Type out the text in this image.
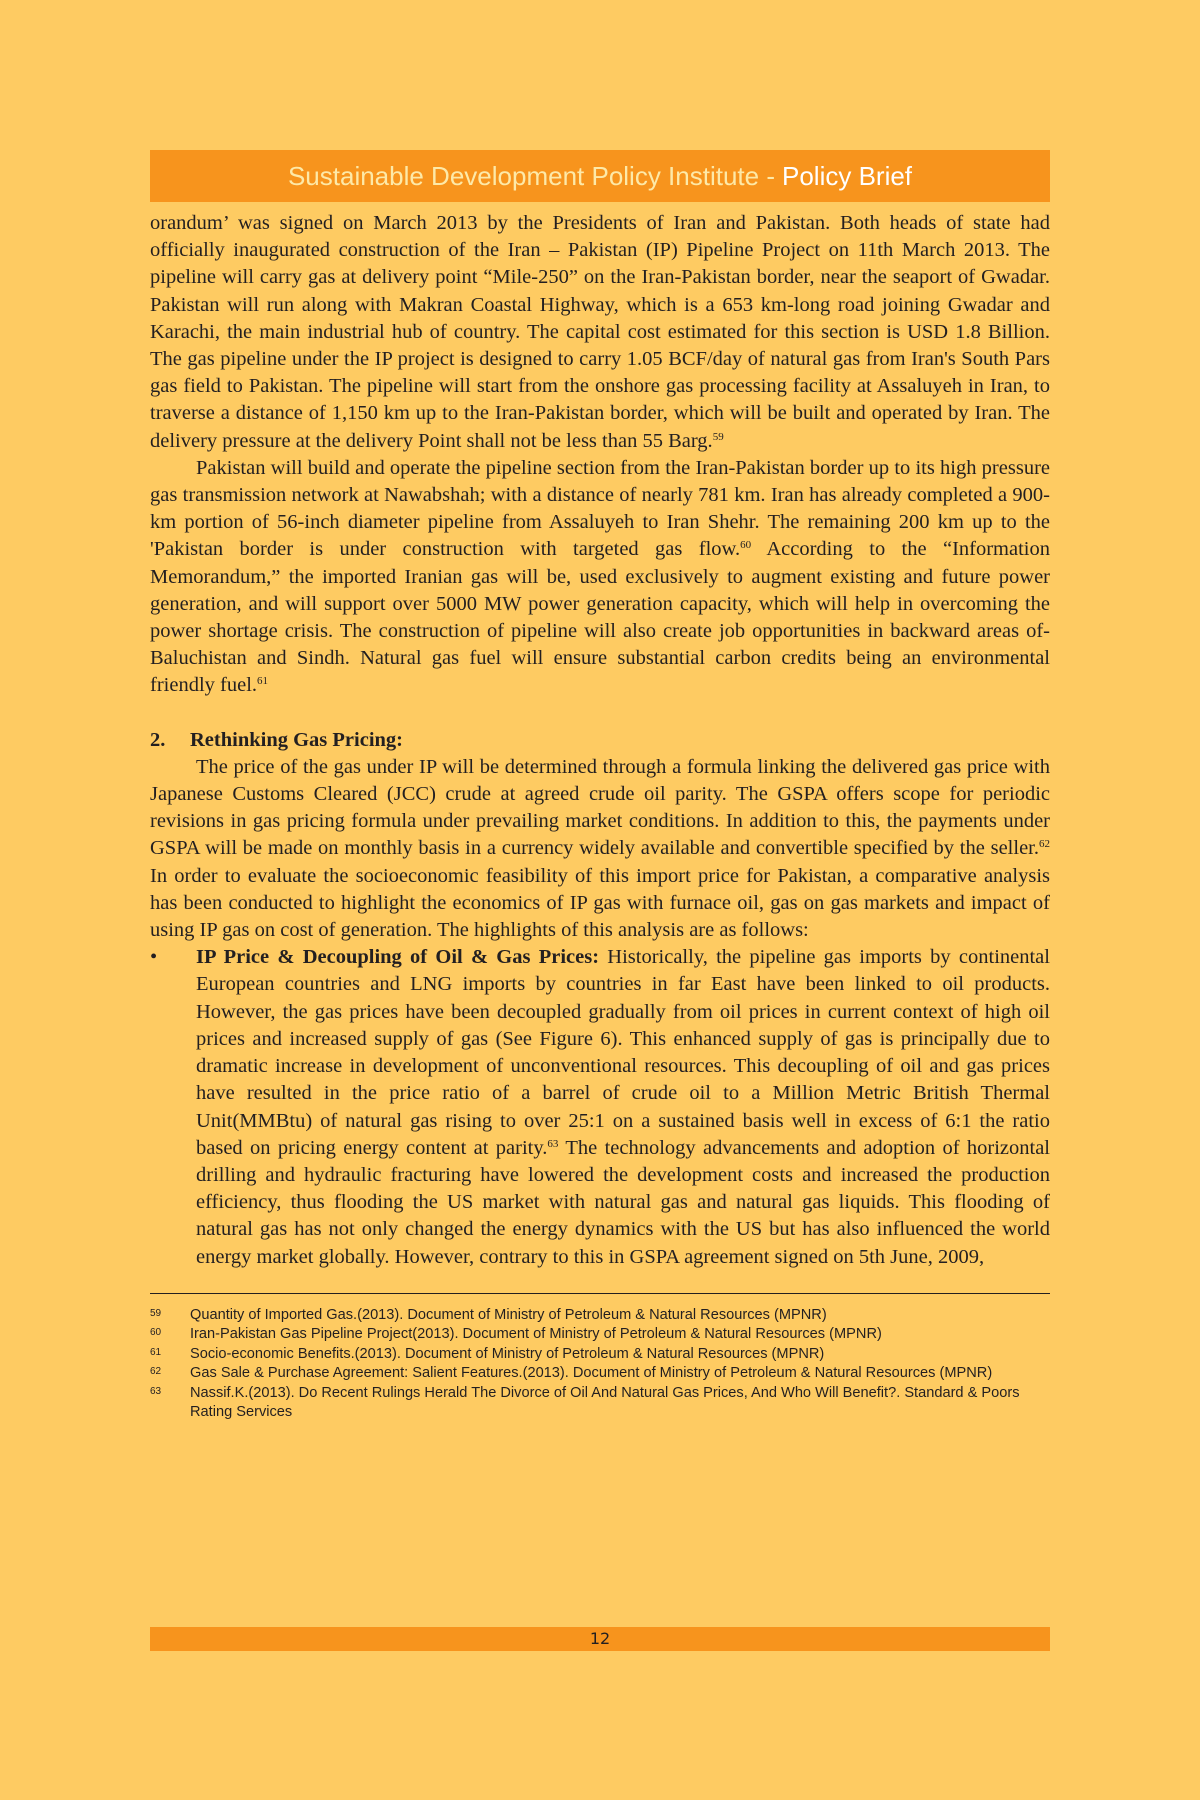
Sustainable Development Policy Institute - Policy Brief

orandum’ was signed on March 2013 by the Presidents of Iran and Pakistan. Both heads of state had officially inaugurated construction of the Iran – Pakistan (IP) Pipeline Project on 11th March 2013. The pipeline will carry gas at delivery point “Mile-250” on the Iran-Pakistan border, near the seaport of Gwadar. Pakistan will run along with Makran Coastal Highway, which is a 653 km-long road joining Gwadar and Karachi, the main industrial hub of country. The capital cost estimated for this section is USD 1.8 Billion. The gas pipeline under the IP project is designed to carry 1.05 BCF/day of natural gas from Iran's South Pars gas field to Pakistan. The pipeline will start from the onshore gas processing facility at Assaluyeh in Iran, to traverse a distance of 1,150 km up to the Iran-Pakistan border, which will be built and operated by Iran. The delivery pressure at the delivery Point shall not be less than 55 Barg.$^{59}$

Pakistan will build and operate the pipeline section from the Iran-Pakistan border up to its high pressure gas transmission network at Nawabshah; with a distance of nearly 781 km. Iran has already completed a 900-km portion of 56-inch diameter pipeline from Assaluyeh to Iran Shehr. The remaining 200 km up to the 'Pakistan border is under construction with targeted gas flow.$^{60}$ According to the “Information Memorandum,” the imported Iranian gas will be, used exclusively to augment existing and future power generation, and will support over 5000 MW power generation capacity, which will help in overcoming the power shortage crisis. The construction of pipeline will also create job opportunities in backward areas of-Baluchistan and Sindh. Natural gas fuel will ensure substantial carbon credits being an environmental friendly fuel.$^{61}$

2.	Rethinking Gas Pricing:

The price of the gas under IP will be determined through a formula linking the delivered gas price with Japanese Customs Cleared (JCC) crude at agreed crude oil parity. The GSPA offers scope for periodic revisions in gas pricing formula under prevailing market conditions. In addition to this, the payments under GSPA will be made on monthly basis in a currency widely available and convertible specified by the seller.$^{62}$ In order to evaluate the socioeconomic feasibility of this import price for Pakistan, a comparative analysis has been conducted to highlight the economics of IP gas with furnace oil, gas on gas markets and impact of using IP gas on cost of generation. The highlights of this analysis are as follows:

•	IP Price & Decoupling of Oil & Gas Prices: Historically, the pipeline gas imports by continental European countries and LNG imports by countries in far East have been linked to oil products. However, the gas prices have been decoupled gradually from oil prices in current context of high oil prices and increased supply of gas (See Figure 6). This enhanced supply of gas is principally due to dramatic increase in development of unconventional resources. This decoupling of oil and gas prices have resulted in the price ratio of a barrel of crude oil to a Million Metric British Thermal Unit(MMBtu) of natural gas rising to over 25:1 on a sustained basis well in excess of 6:1 the ratio based on pricing energy content at parity.$^{63}$ The technology advancements and adoption of horizontal drilling and hydraulic fracturing have lowered the development costs and increased the production efficiency, thus flooding the US market with natural gas and natural gas liquids. This flooding of natural gas has not only changed the energy dynamics with the US but has also influenced the world energy market globally. However, contrary to this in GSPA agreement signed on 5th June, 2009,
59	Quantity of Imported Gas.(2013). Document of Ministry of Petroleum & Natural Resources (MPNR)
60	Iran-Pakistan Gas Pipeline Project(2013). Document of Ministry of Petroleum & Natural Resources (MPNR)
61	Socio-economic Benefits.(2013). Document of Ministry of Petroleum & Natural Resources (MPNR)
62	Gas Sale & Purchase Agreement: Salient Features.(2013). Document of Ministry of Petroleum & Natural Resources (MPNR)
63	Nassif.K.(2013). Do Recent Rulings Herald The Divorce of Oil And Natural Gas Prices, And Who Will Benefit?. Standard & Poors Rating Services
12
